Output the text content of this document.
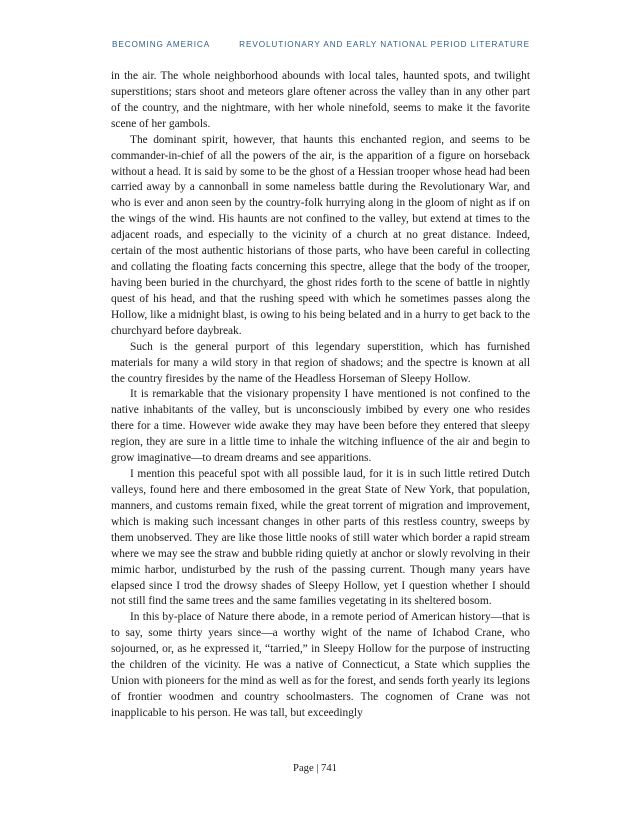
BECOMING AMERICA	REVOLUTIONARY AND EARLY NATIONAL PERIOD LITERATURE

in the air. The whole neighborhood abounds with local tales, haunted spots, and twilight superstitions; stars shoot and meteors glare oftener across the valley than in any other part of the country, and the nightmare, with her whole ninefold, seems to make it the favorite scene of her gambols.

The dominant spirit, however, that haunts this enchanted region, and seems to be commander-in-chief of all the powers of the air, is the apparition of a figure on horseback without a head. It is said by some to be the ghost of a Hessian trooper whose head had been carried away by a cannonball in some nameless battle during the Revolutionary War, and who is ever and anon seen by the country-folk hurrying along in the gloom of night as if on the wings of the wind. His haunts are not confined to the valley, but extend at times to the adjacent roads, and especially to the vicinity of a church at no great distance. Indeed, certain of the most authentic historians of those parts, who have been careful in collecting and collating the floating facts concerning this spectre, allege that the body of the trooper, having been buried in the churchyard, the ghost rides forth to the scene of battle in nightly quest of his head, and that the rushing speed with which he sometimes passes along the Hollow, like a midnight blast, is owing to his being belated and in a hurry to get back to the churchyard before daybreak.

Such is the general purport of this legendary superstition, which has furnished materials for many a wild story in that region of shadows; and the spectre is known at all the country firesides by the name of the Headless Horseman of Sleepy Hollow.

It is remarkable that the visionary propensity I have mentioned is not confined to the native inhabitants of the valley, but is unconsciously imbibed by every one who resides there for a time. However wide awake they may have been before they entered that sleepy region, they are sure in a little time to inhale the witching influence of the air and begin to grow imaginative—to dream dreams and see apparitions.

I mention this peaceful spot with all possible laud, for it is in such little retired Dutch valleys, found here and there embosomed in the great State of New York, that population, manners, and customs remain fixed, while the great torrent of migration and improvement, which is making such incessant changes in other parts of this restless country, sweeps by them unobserved. They are like those little nooks of still water which border a rapid stream where we may see the straw and bubble riding quietly at anchor or slowly revolving in their mimic harbor, undisturbed by the rush of the passing current. Though many years have elapsed since I trod the drowsy shades of Sleepy Hollow, yet I question whether I should not still find the same trees and the same families vegetating in its sheltered bosom.

In this by-place of Nature there abode, in a remote period of American history—that is to say, some thirty years since—a worthy wight of the name of Ichabod Crane, who sojourned, or, as he expressed it, “tarried,” in Sleepy Hollow for the purpose of instructing the children of the vicinity. He was a native of Connecticut, a State which supplies the Union with pioneers for the mind as well as for the forest, and sends forth yearly its legions of frontier woodmen and country schoolmasters. The cognomen of Crane was not inapplicable to his person. He was tall, but exceedingly

Page | 741
